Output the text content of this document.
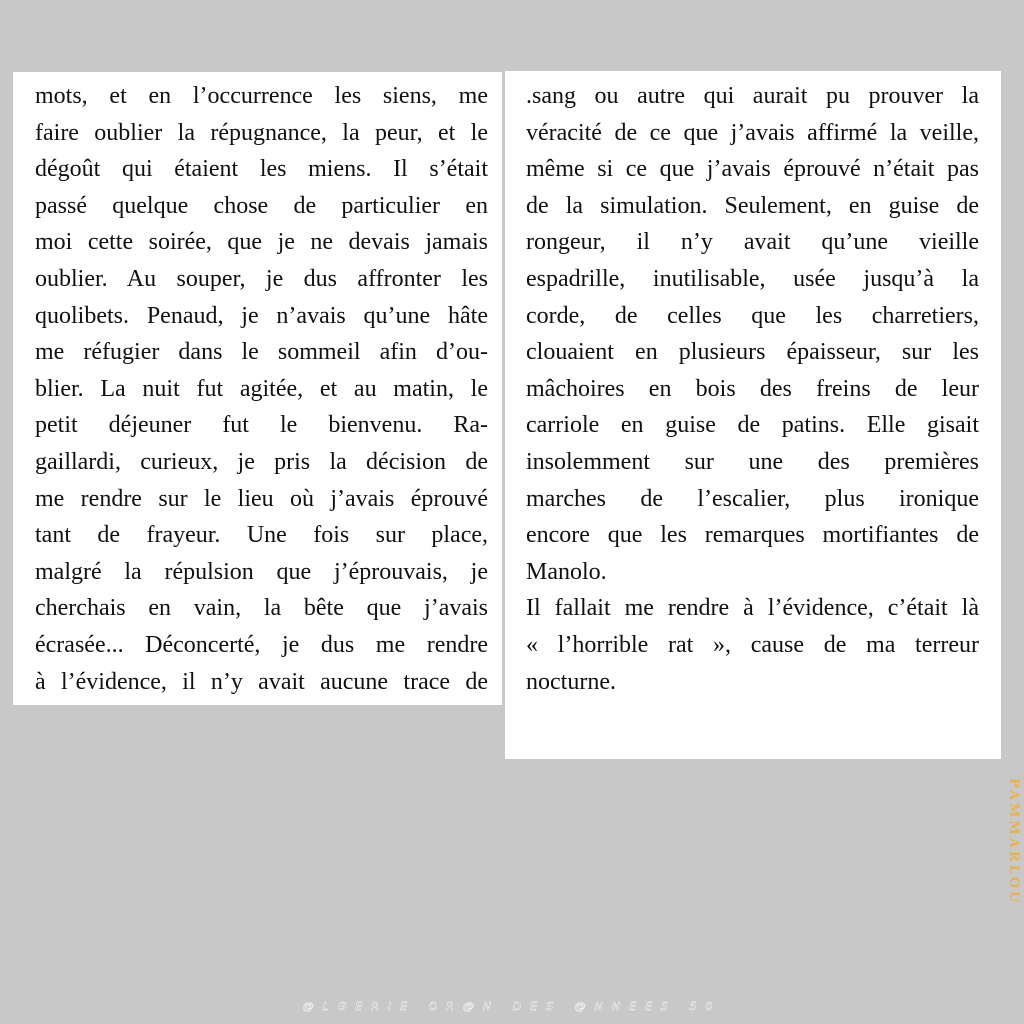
mots, et en l’occurrence les siens, me
faire oublier la répugnance, la peur, et le
dégoût qui étaient les miens. Il s’était
passé quelque chose de particulier en
moi cette soirée, que je ne devais jamais
oublier. Au souper, je dus affronter les
quolibets. Penaud, je n’avais qu’une hâte
me réfugier dans le sommeil afin d’ou-
blier. La nuit fut agitée, et au matin, le
petit déjeuner fut le bienvenu. Ra-
gaillardi, curieux, je pris la décision de
me rendre sur le lieu où j’avais éprouvé
tant de frayeur. Une fois sur place,
malgré la répulsion que j’éprouvais, je
cherchais en vain, la bête que j’avais
écrasée... Déconcerté, je dus me rendre
à l’évidence, il n’y avait aucune trace de
.sang ou autre qui aurait pu prouver la
véracité de ce que j’avais affirmé la veille,
même si ce que j’avais éprouvé n’était pas
de la simulation. Seulement, en guise de
rongeur, il n’y avait qu’une vieille
espadrille, inutilisable, usée jusqu’à la
corde, de celles que les charretiers,
clouaient en plusieurs épaisseur, sur les
mâchoires en bois des freins de leur
carriole en guise de patins. Elle gisait
insolemment sur une des premières
marches de l’escalier, plus ironique
encore que les remarques mortifiantes de
Manolo.
Il fallait me rendre à l’évidence, c’était là
« l’horrible rat », cause de ma terreur
nocturne.
@LGERIE OR@N DES @NNEES 50
PAMMARLOU
